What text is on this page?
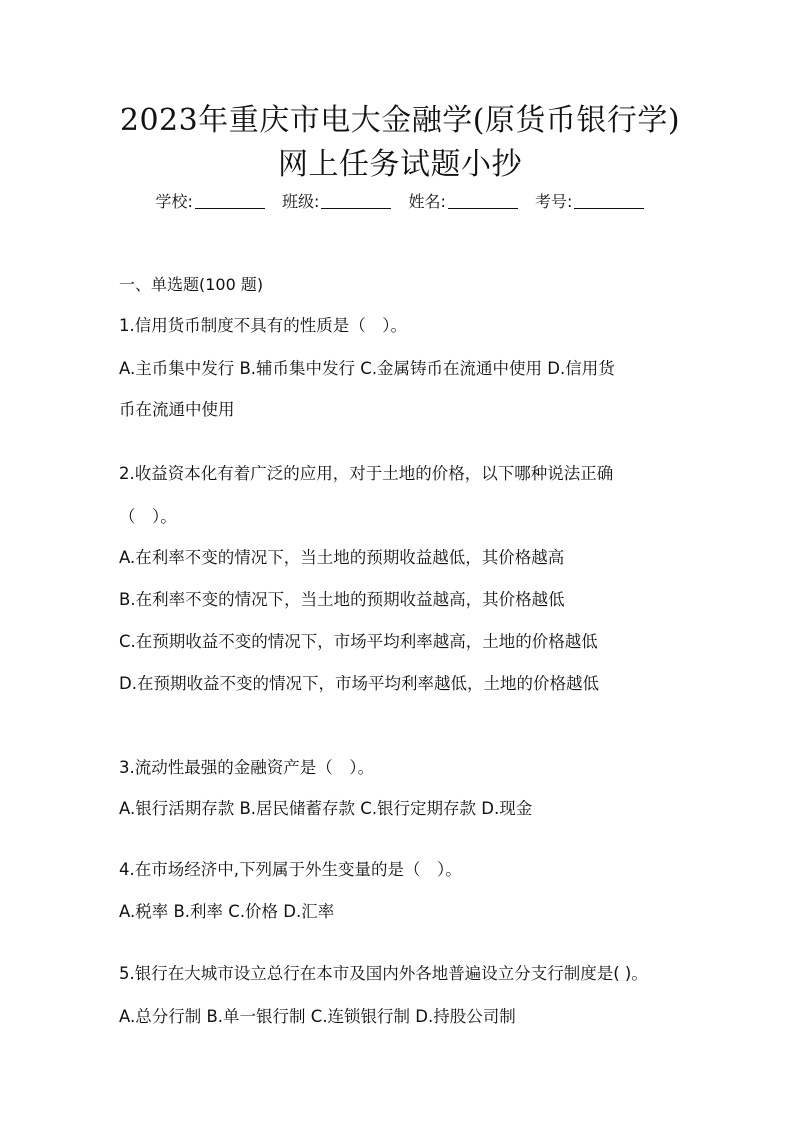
2023年重庆市电大金融学(原货币银行学)
网上任务试题小抄
学校:	班级:	姓名:	考号:
一、单选题(100 题)
1.信用货币制度不具有的性质是（　）。
A.主币集中发行 B.辅币集中发行 C.金属铸币在流通中使用 D.信用货
币在流通中使用
2.收益资本化有着广泛的应用，对于土地的价格，以下哪种说法正确
（　）。
A.在利率不变的情况下，当土地的预期收益越低，其价格越高
B.在利率不变的情况下，当土地的预期收益越高，其价格越低
C.在预期收益不变的情况下，市场平均利率越高，土地的价格越低
D.在预期收益不变的情况下，市场平均利率越低，土地的价格越低
3.流动性最强的金融资产是（　）。
A.银行活期存款 B.居民储蓄存款 C.银行定期存款 D.现金
4.在市场经济中,下列属于外生变量的是（　）。
A.税率 B.利率 C.价格 D.汇率
5.银行在大城市设立总行在本市及国内外各地普遍设立分支行制度是( )。
A.总分行制 B.单一银行制 C.连锁银行制 D.持股公司制
